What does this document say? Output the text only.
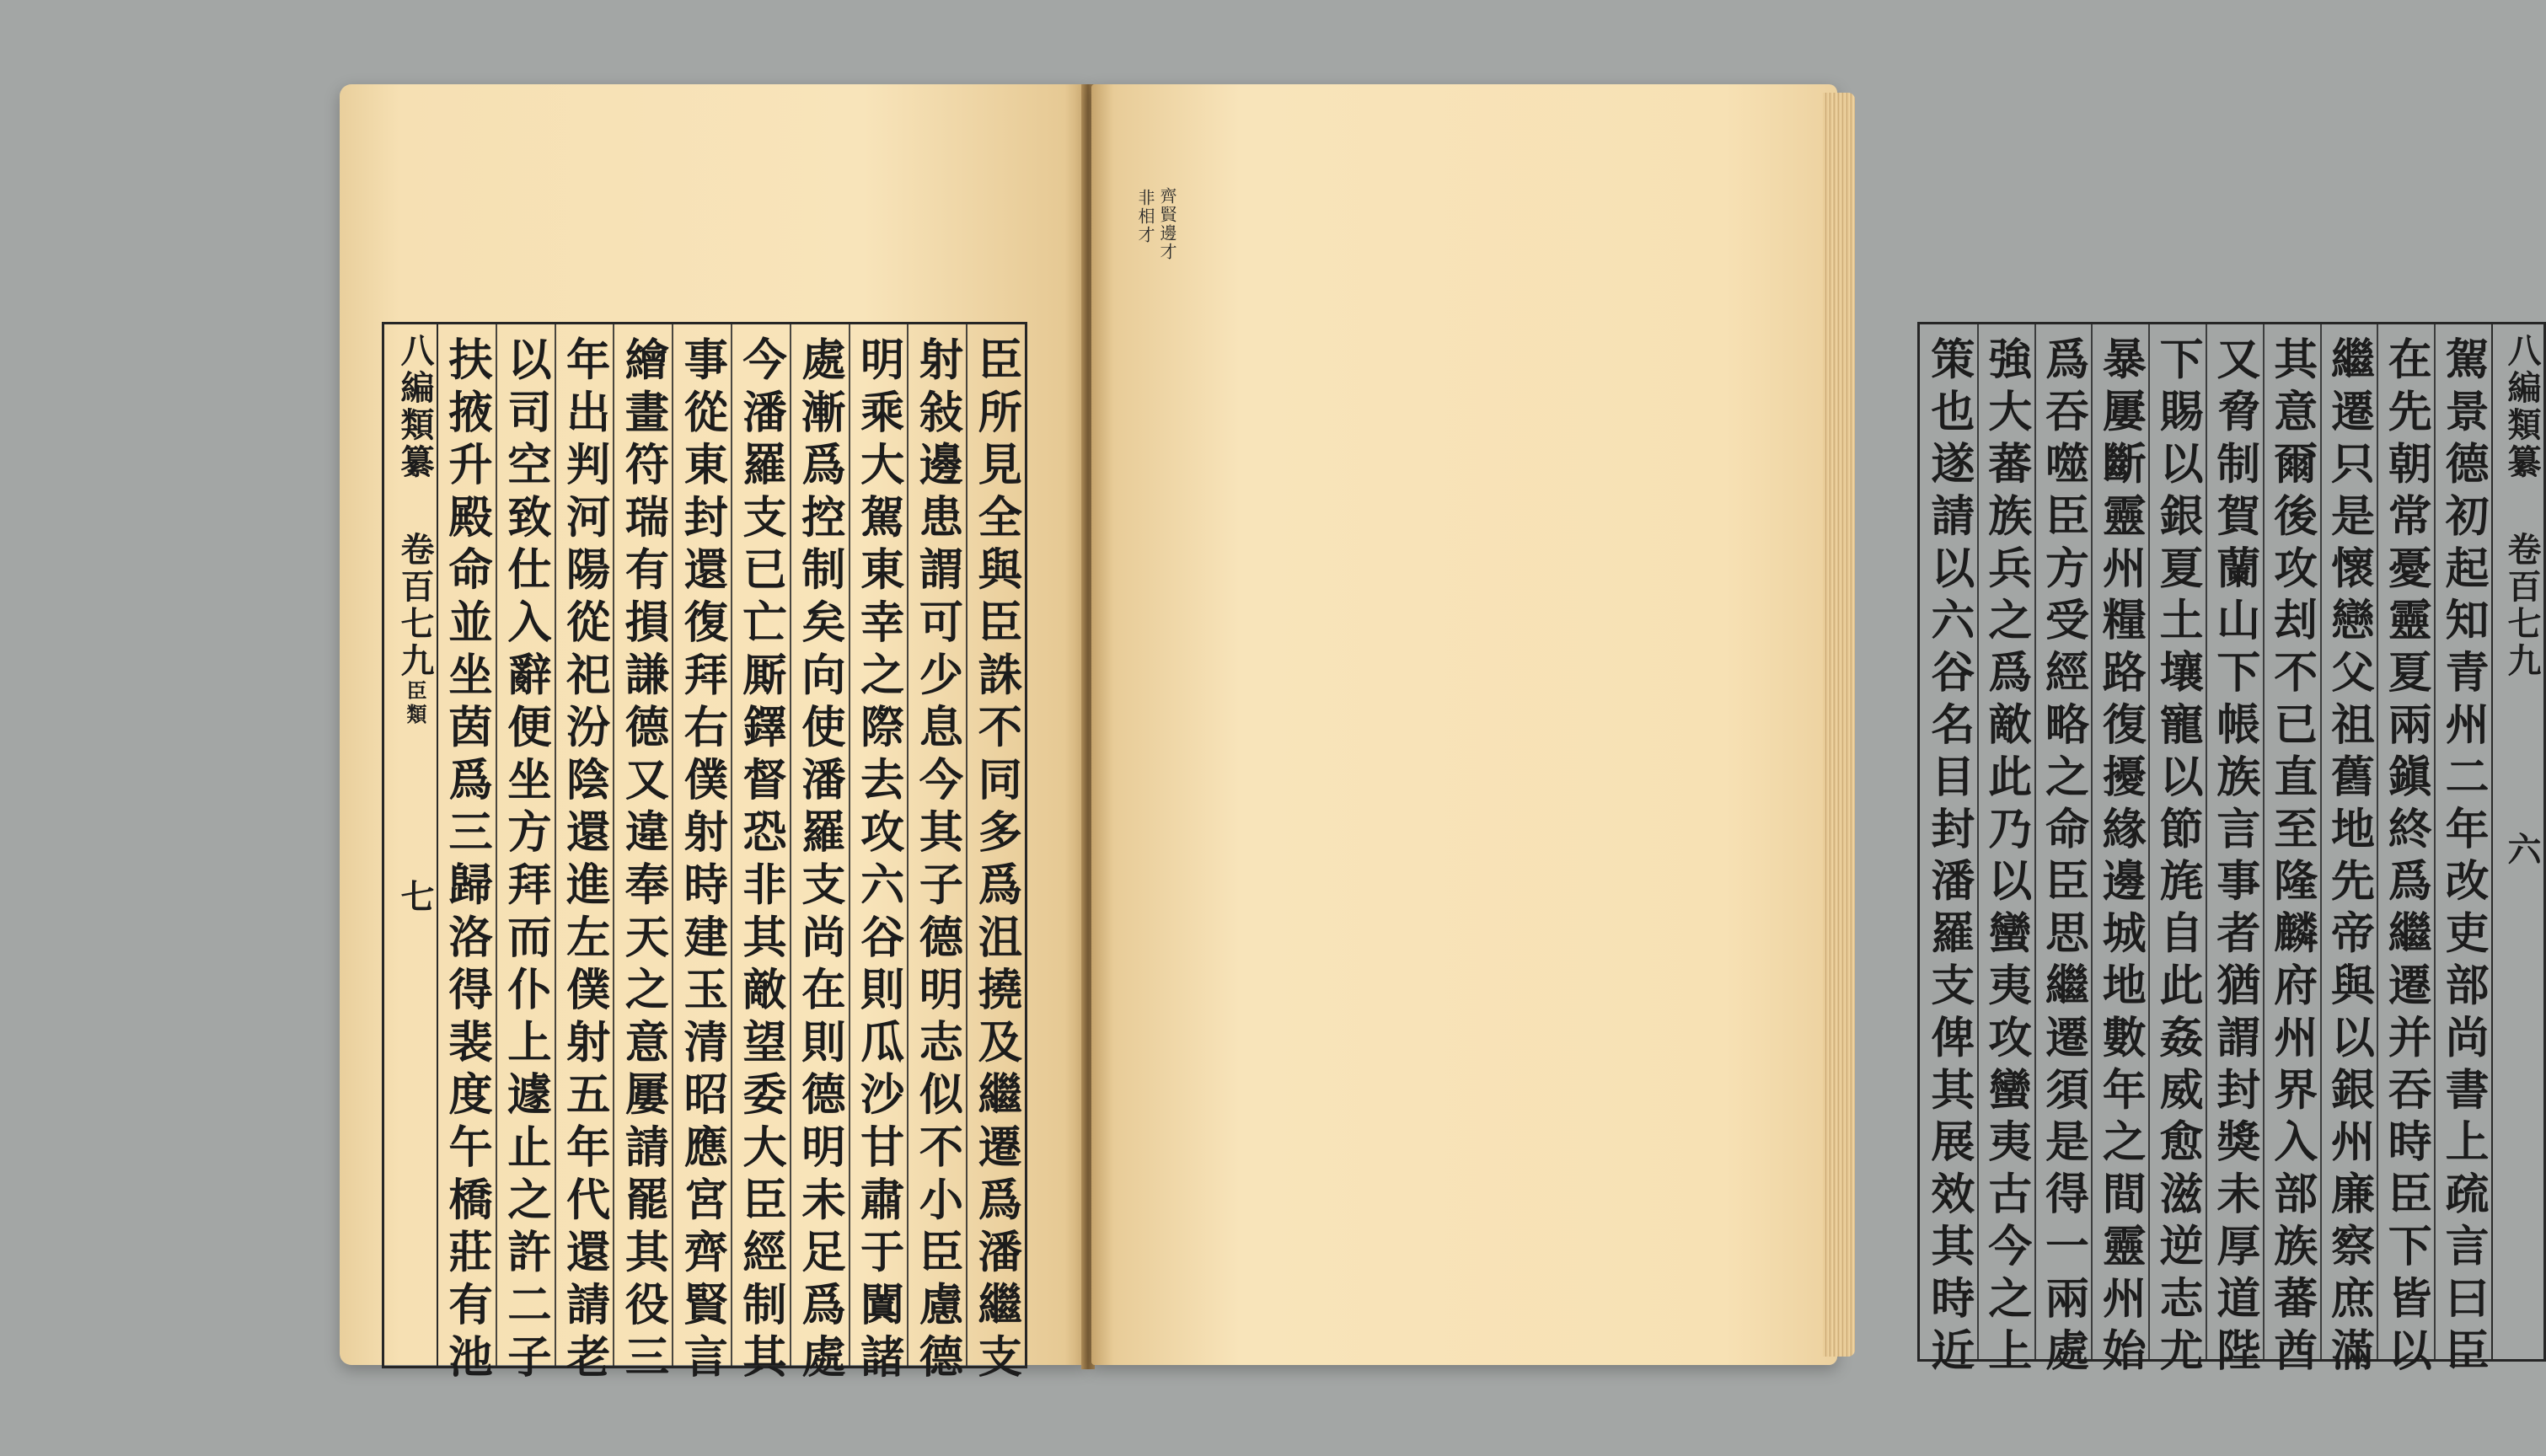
八編類纂卷百七九臣類七	臣所見全與臣誅不同多爲沮撓及繼遷爲潘繼支
射敍邊患謂可少息今其子德明志似不小臣慮德
明乘大駕東幸之際去攻六谷則瓜沙甘肅于闐諸
處漸爲控制矣向使潘羅支尚在則德明未足爲處
今潘羅支已亡厮鐸督恐非其敵望委大臣經制其
事從東封還復拜右僕射時建玉清昭應宮齊賢言
繪畫符瑞有損謙德又違奉天之意屢請罷其役三
年出判河陽從祀汾陰還進左僕射五年代還請老
以司空致仕入辭便坐方拜而仆上遽止之許二子
扶掖升殿命並坐茵爲三歸洛得裴度午橋莊有池
齊賢邊才
非相才
八編類纂卷百七九六
駕景德初起知青州二年改吏部尚書上疏言曰臣
在先朝常憂靈夏兩鎭終爲繼遷并吞時臣下皆以
繼遷只是懷戀父祖舊地先帝與以銀州廉察庶滿
其意爾後攻刦不已直至隆麟府州界入部族蕃酋
又脅制賀蘭山下帳族言事者猶謂封獎未厚道陛
下賜以銀夏土壤寵以節旄自此姦威愈滋逆志尤
暴屢斷靈州糧路復擾緣邊城地數年之間靈州始
爲吞噬臣方受經略之命臣思繼遷須是得一兩處
強大蕃族兵之爲敵此乃以蠻夷攻蠻夷古今之上
策也遂請以六谷名目封潘羅支俾其展效其時近
